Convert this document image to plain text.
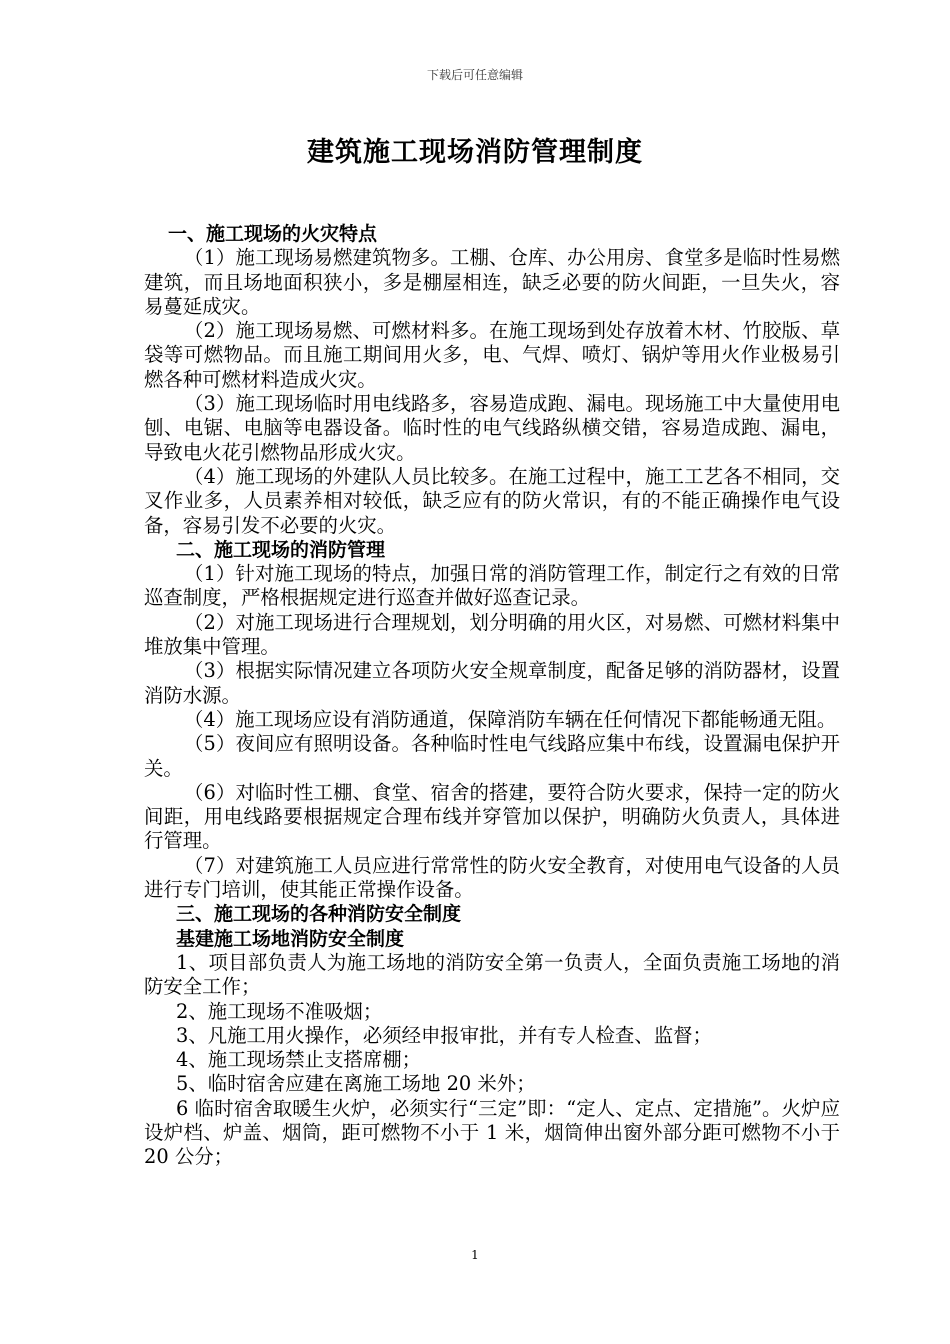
下载后可任意编辑
建筑施工现场消防管理制度

一、施工现场的火灾特点

（1）施工现场易燃建筑物多。工棚、仓库、办公用房、食堂多是临时性易燃建筑，而且场地面积狭小，多是棚屋相连，缺乏必要的防火间距，一旦失火，容易蔓延成灾。

（2）施工现场易燃、可燃材料多。在施工现场到处存放着木材、竹胶版、草袋等可燃物品。而且施工期间用火多，电、气焊、喷灯、锅炉等用火作业极易引燃各种可燃材料造成火灾。

（3）施工现场临时用电线路多，容易造成跑、漏电。现场施工中大量使用电刨、电锯、电脑等电器设备。临时性的电气线路纵横交错，容易造成跑、漏电，导致电火花引燃物品形成火灾。

（4）施工现场的外建队人员比较多。在施工过程中，施工工艺各不相同，交叉作业多，人员素养相对较低，缺乏应有的防火常识，有的不能正确操作电气设备，容易引发不必要的火灾。

二、施工现场的消防管理

（1）针对施工现场的特点，加强日常的消防管理工作，制定行之有效的日常巡查制度，严格根据规定进行巡查并做好巡查记录。

（2）对施工现场进行合理规划，划分明确的用火区，对易燃、可燃材料集中堆放集中管理。

（3）根据实际情况建立各项防火安全规章制度，配备足够的消防器材，设置消防水源。

（4）施工现场应设有消防通道，保障消防车辆在任何情况下都能畅通无阻。

（5）夜间应有照明设备。各种临时性电气线路应集中布线，设置漏电保护开关。

（6）对临时性工棚、食堂、宿舍的搭建，要符合防火要求，保持一定的防火间距，用电线路要根据规定合理布线并穿管加以保护，明确防火负责人，具体进行管理。

（7）对建筑施工人员应进行常常性的防火安全教育，对使用电气设备的人员进行专门培训，使其能正常操作设备。

三、施工现场的各种消防安全制度

基建施工场地消防安全制度

1、项目部负责人为施工场地的消防安全第一负责人，全面负责施工场地的消防安全工作；

2、施工现场不准吸烟；

3、凡施工用火操作，必须经申报审批，并有专人检查、监督；

4、施工现场禁止支搭席棚；

5、临时宿舍应建在离施工场地 20 米外；

6 临时宿舍取暖生火炉，必须实行“三定”即：“定人、定点、定措施”。火炉应设炉档、炉盖、烟筒，距可燃物不小于 1 米，烟筒伸出窗外部分距可燃物不小于 20 公分；

1
